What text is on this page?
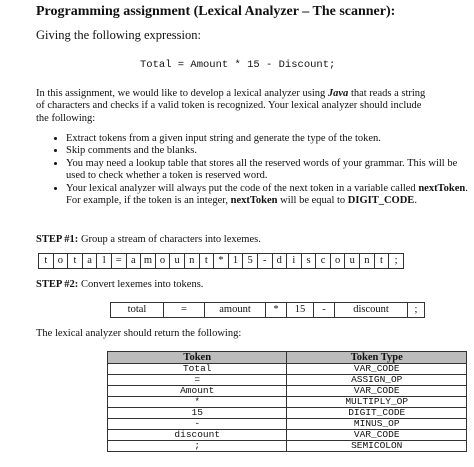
Programming assignment (Lexical Analyzer – The scanner):
Giving the following expression:
Total = Amount * 15 - Discount;
In this assignment, we would like to develop a lexical analyzer using Java that reads a string of characters and checks if a valid token is recognized. Your lexical analyzer should include the following:
• Extract tokens from a given input string and generate the type of the token.
• Skip comments and the blanks.
• You may need a lookup table that stores all the reserved words of your grammar. This will be used to check whether a token is reserved word.
• Your lexical analyzer will always put the code of the next token in a variable called nextToken. For example, if the token is an integer, nextToken will be equal to DIGIT_CODE.
STEP #1: Group a stream of characters into lexemes.
t	o	t	a	l = a m o u n	t	* 1 5 - d	i	s c o u n	t	;
STEP #2: Convert lexemes into tokens.
total	=	amount	*	15	-	discount	;
The lexical analyzer should return the following:
Token	Token Type
Total	VAR_CODE
=	ASSIGN_OP
Amount	VAR_CODE
*	MULTIPLY_OP
15	DIGIT_CODE
-	MINUS_OP
discount	VAR_CODE
;	SEMICOLON
